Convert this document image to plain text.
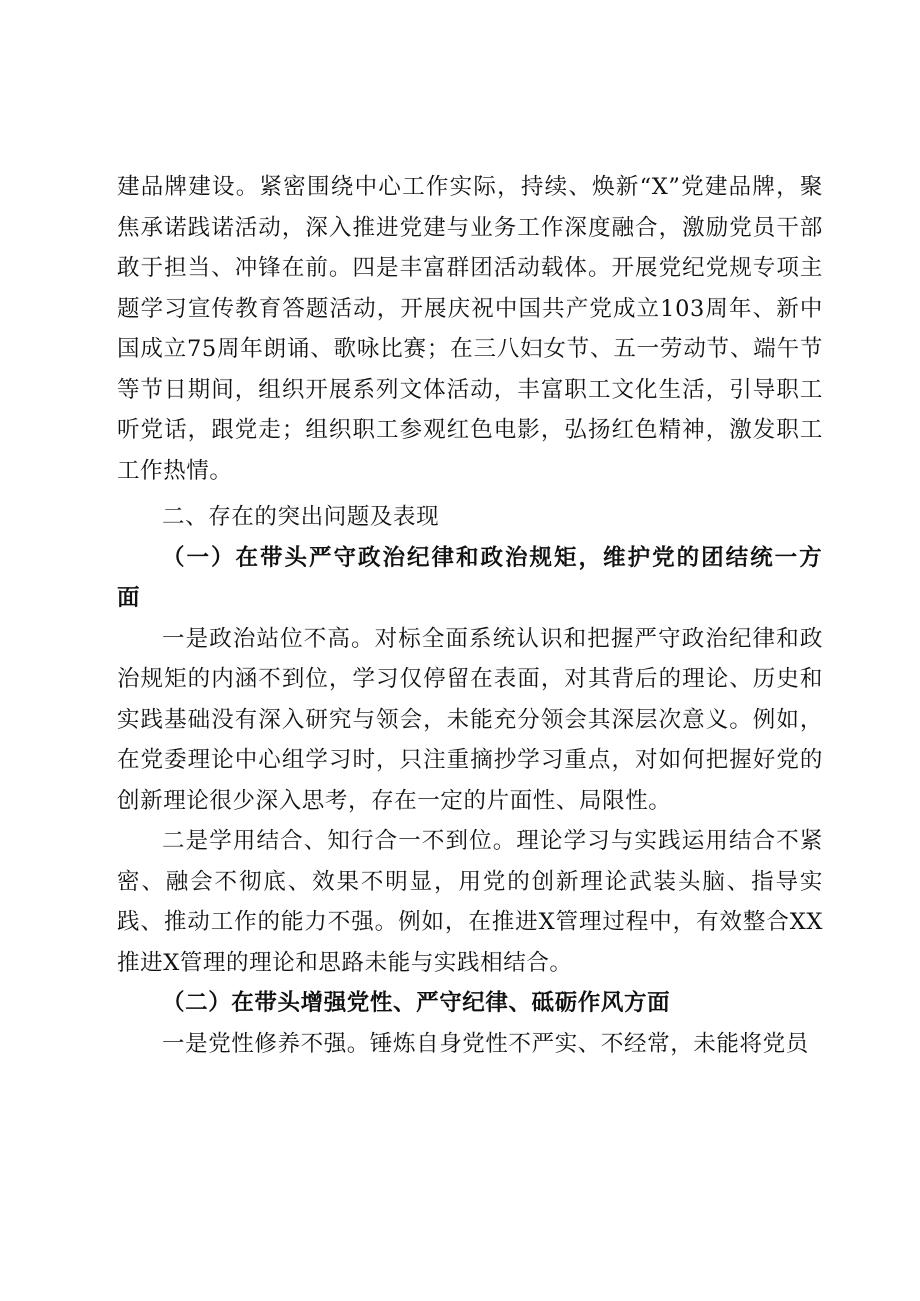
建品牌建设。紧密围绕中心工作实际，持续、焕新“X”党建品牌，聚焦承诺践诺活动，深入推进党建与业务工作深度融合，激励党员干部敢于担当、冲锋在前。四是丰富群团活动载体。开展党纪党规专项主题学习宣传教育答题活动，开展庆祝中国共产党成立103周年、新中国成立75周年朗诵、歌咏比赛；在三八妇女节、五一劳动节、端午节等节日期间，组织开展系列文体活动，丰富职工文化生活，引导职工听党话，跟党走；组织职工参观红色电影，弘扬红色精神，激发职工工作热情。

二、存在的突出问题及表现

（一）在带头严守政治纪律和政治规矩，维护党的团结统一方面

一是政治站位不高。对标全面系统认识和把握严守政治纪律和政治规矩的内涵不到位，学习仅停留在表面，对其背后的理论、历史和实践基础没有深入研究与领会，未能充分领会其深层次意义。例如，在党委理论中心组学习时，只注重摘抄学习重点，对如何把握好党的创新理论很少深入思考，存在一定的片面性、局限性。

二是学用结合、知行合一不到位。理论学习与实践运用结合不紧密、融会不彻底、效果不明显，用党的创新理论武装头脑、指导实践、推动工作的能力不强。例如，在推进X管理过程中，有效整合XX推进X管理的理论和思路未能与实践相结合。

（二）在带头增强党性、严守纪律、砥砺作风方面

一是党性修养不强。锤炼自身党性不严实、不经常，未能将党员
